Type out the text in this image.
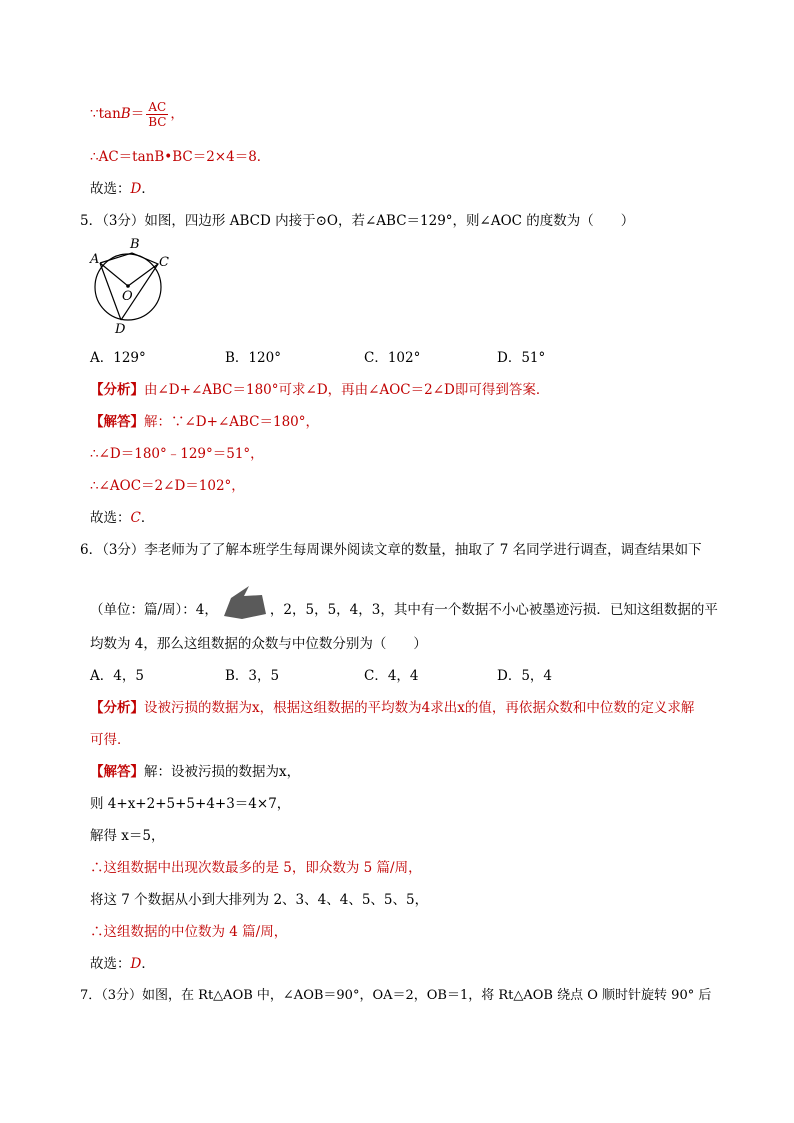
∵tanB＝ $\frac{AC}{BC}$ ，
∴AC＝tanB•BC＝2×4＝8．
故选：D．
5．（3分）如图，四边形 ABCD 内接于⊙O，若∠ABC＝129°，则∠AOC 的度数为（　　）
A
B
C
O
D
A．129°	B．120°	C．102°	D．51°
【分析】由∠D+∠ABC＝180°可求∠D，再由∠AOC＝2∠D即可得到答案．
【解答】解：∵∠D+∠ABC＝180°，
∴∠D＝180°﹣129°＝51°，
∴∠AOC＝2∠D＝102°，
故选：C．
6．（3分）李老师为了了解本班学生每周课外阅读文章的数量，抽取了 7 名同学进行调查，调查结果如下
（单位：篇/周）：4，	，2，5，5，4，3，其中有一个数据不小心被墨迹污损．已知这组数据的平
均数为 4，那么这组数据的众数与中位数分别为（　　）
A．4，5	B．3，5	C．4，4	D．5，4
【分析】设被污损的数据为x，根据这组数据的平均数为4求出x的值，再依据众数和中位数的定义求解
可得．
【解答】解：设被污损的数据为x，
则 4+x+2+5+5+4+3＝4×7，
解得 x＝5，
∴这组数据中出现次数最多的是 5，即众数为 5 篇/周，
将这 7 个数据从小到大排列为 2、3、4、4、5、5、5，
∴这组数据的中位数为 4 篇/周，
故选：D．
7．（3分）如图，在 Rt△AOB 中，∠AOB＝90°，OA＝2，OB＝1，将 Rt△AOB 绕点 O 顺时针旋转 90° 后
